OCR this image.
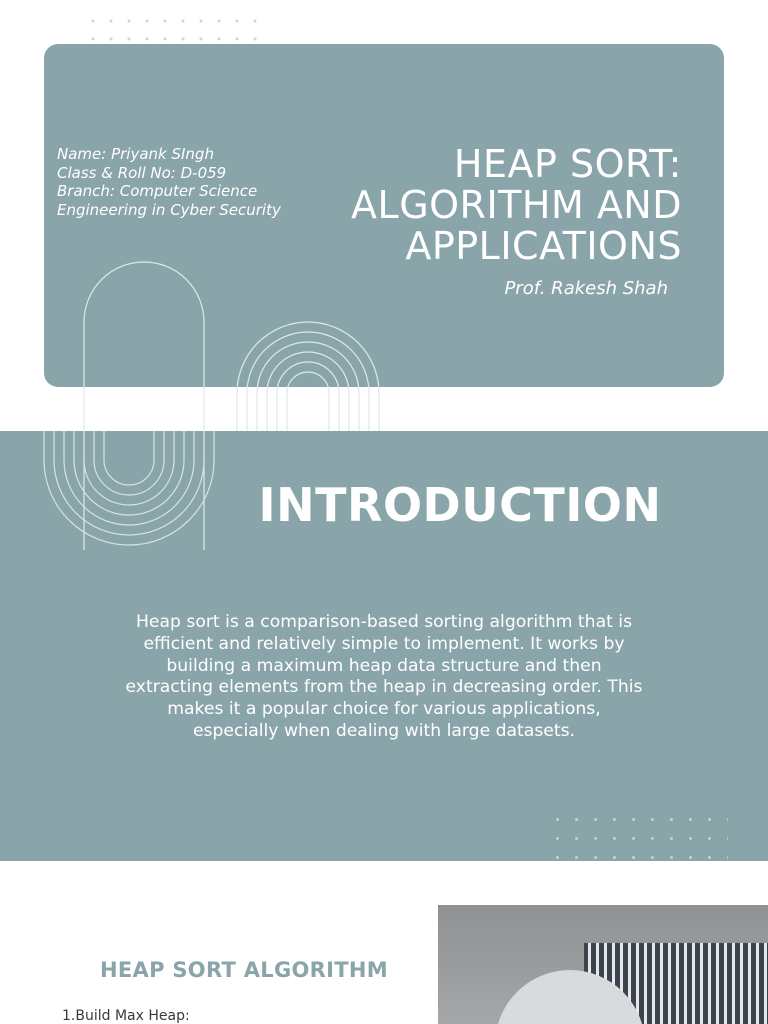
Name: Priyank SIngh
Class & Roll No: D-059
Branch: Computer Science
Engineering in Cyber Security
HEAP SORT:
ALGORITHM AND
APPLICATIONS
Prof. Rakesh Shah
INTRODUCTION
Heap sort is a comparison-based sorting algorithm that is
efficient and relatively simple to implement. It works by
building a maximum heap data structure and then
extracting elements from the heap in decreasing order. This
makes it a popular choice for various applications,
especially when dealing with large datasets.
HEAP SORT ALGORITHM
1.Build Max Heap:
